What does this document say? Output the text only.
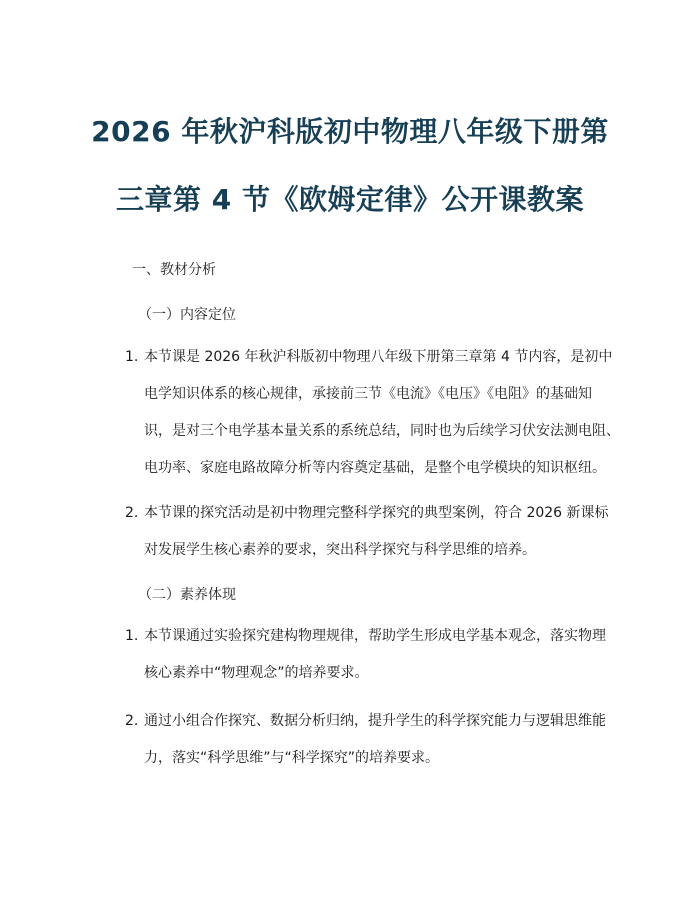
2026 年秋沪科版初中物理八年级下册第
三章第 4 节《欧姆定律》公开课教案
一、教材分析
（一）内容定位
1. 本节课是 2026 年秋沪科版初中物理八年级下册第三章第 4 节内容，是初中
电学知识体系的核心规律，承接前三节《电流》《电压》《电阻》的基础知
识，是对三个电学基本量关系的系统总结，同时也为后续学习伏安法测电阻、
电功率、家庭电路故障分析等内容奠定基础，是整个电学模块的知识枢纽。
2. 本节课的探究活动是初中物理完整科学探究的典型案例，符合 2026 新课标
对发展学生核心素养的要求，突出科学探究与科学思维的培养。
（二）素养体现
1. 本节课通过实验探究建构物理规律，帮助学生形成电学基本观念，落实物理
核心素养中“物理观念”的培养要求。
2. 通过小组合作探究、数据分析归纳，提升学生的科学探究能力与逻辑思维能
力，落实“科学思维”与“科学探究”的培养要求。
